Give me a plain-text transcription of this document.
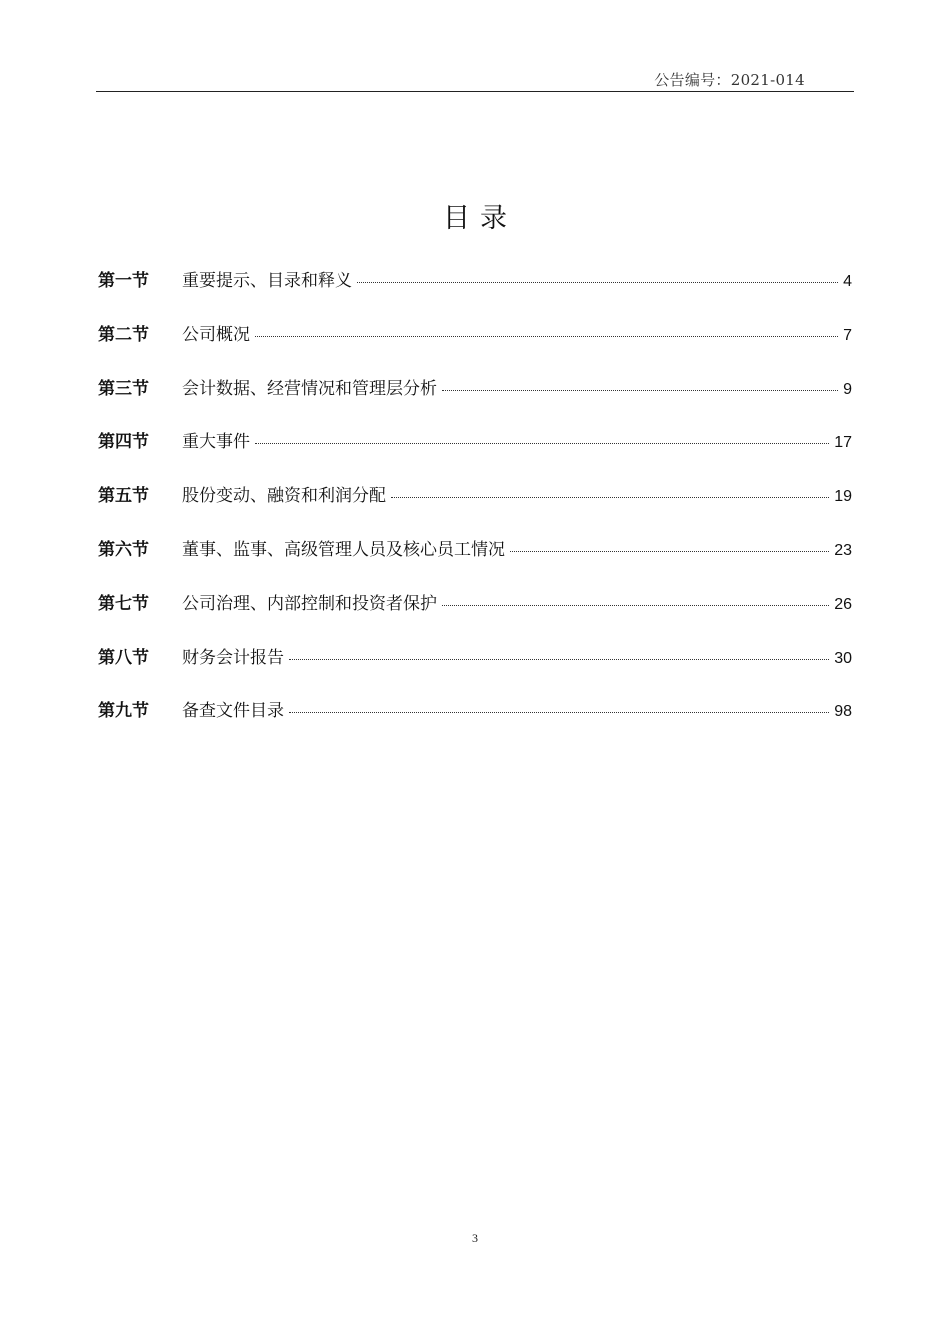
公告编号：2021-014
目录
第一节	重要提示、目录和释义	4
第二节	公司概况	7
第三节	会计数据、经营情况和管理层分析	9
第四节	重大事件	17
第五节	股份变动、融资和利润分配	19
第六节	董事、监事、高级管理人员及核心员工情况	23
第七节	公司治理、内部控制和投资者保护	26
第八节	财务会计报告	30
第九节	备查文件目录	98
3
